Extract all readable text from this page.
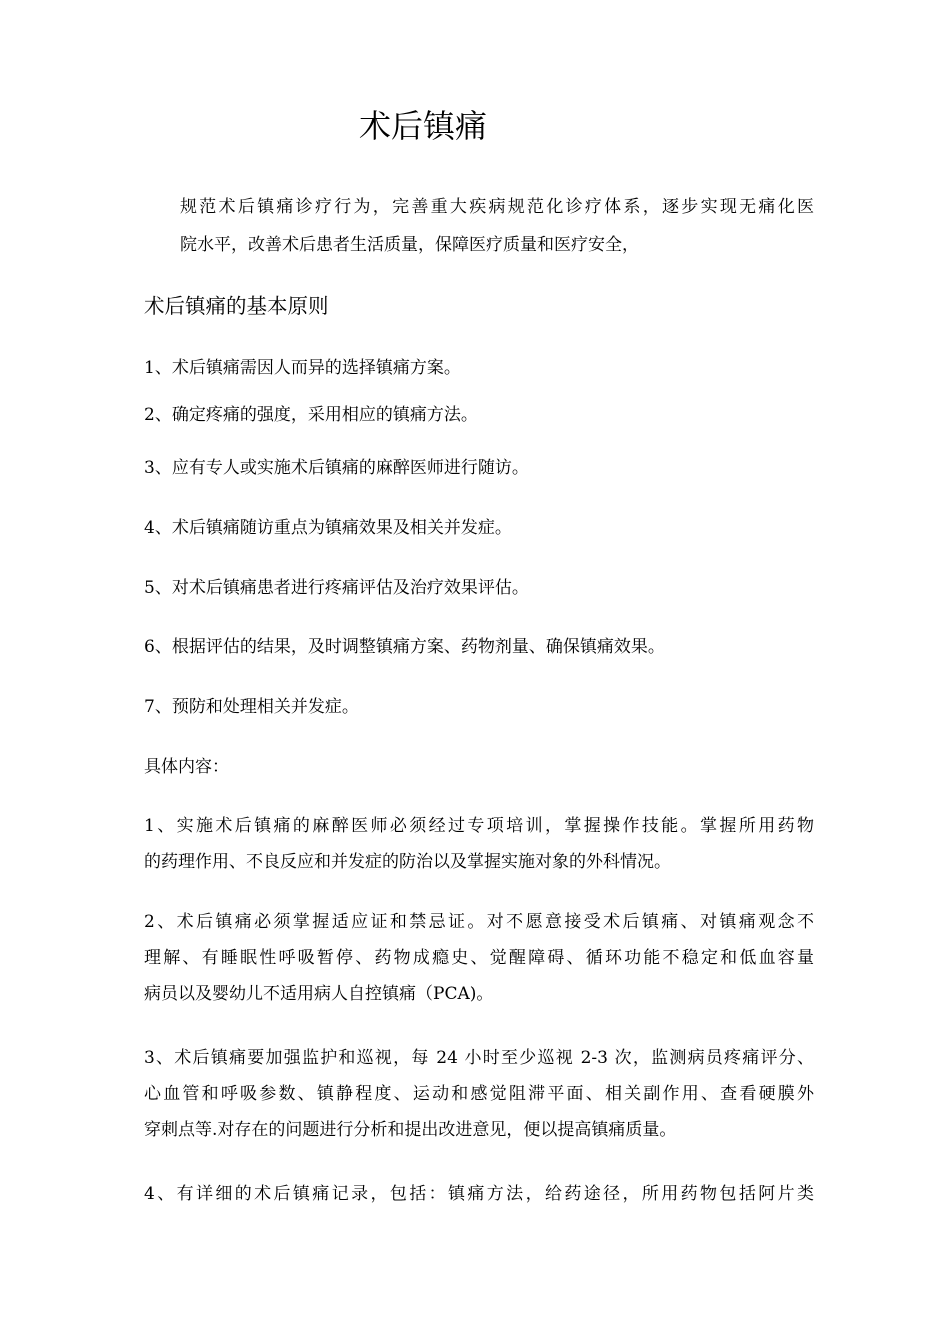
术后镇痛
规范术后镇痛诊疗行为，完善重大疾病规范化诊疗体系，逐步实现无痛化医
院水平，改善术后患者生活质量，保障医疗质量和医疗安全，
术后镇痛的基本原则

1、术后镇痛需因人而异的选择镇痛方案。

2、确定疼痛的强度，采用相应的镇痛方法。

3、应有专人或实施术后镇痛的麻醉医师进行随访。

4、术后镇痛随访重点为镇痛效果及相关并发症。

5、对术后镇痛患者进行疼痛评估及治疗效果评估。

6、根据评估的结果，及时调整镇痛方案、药物剂量、确保镇痛效果。

7、预防和处理相关并发症。

具体内容：

1、实施术后镇痛的麻醉医师必须经过专项培训，掌握操作技能。掌握所用药物
的药理作用、不良反应和并发症的防治以及掌握实施对象的外科情况。
2、术后镇痛必须掌握适应证和禁忌证。对不愿意接受术后镇痛、对镇痛观念不
理解、有睡眠性呼吸暂停、药物成瘾史、觉醒障碍、循环功能不稳定和低血容量
病员以及婴幼儿不适用病人自控镇痛（PCA)。
3、术后镇痛要加强监护和巡视，每 24 小时至少巡视 2-3 次，监测病员疼痛评分、
心血管和呼吸参数、镇静程度、运动和感觉阻滞平面、相关副作用、查看硬膜外
穿刺点等.对存在的问题进行分析和提出改进意见，便以提高镇痛质量。
4、有详细的术后镇痛记录，包括：镇痛方法，给药途径，所用药物包括阿片类
